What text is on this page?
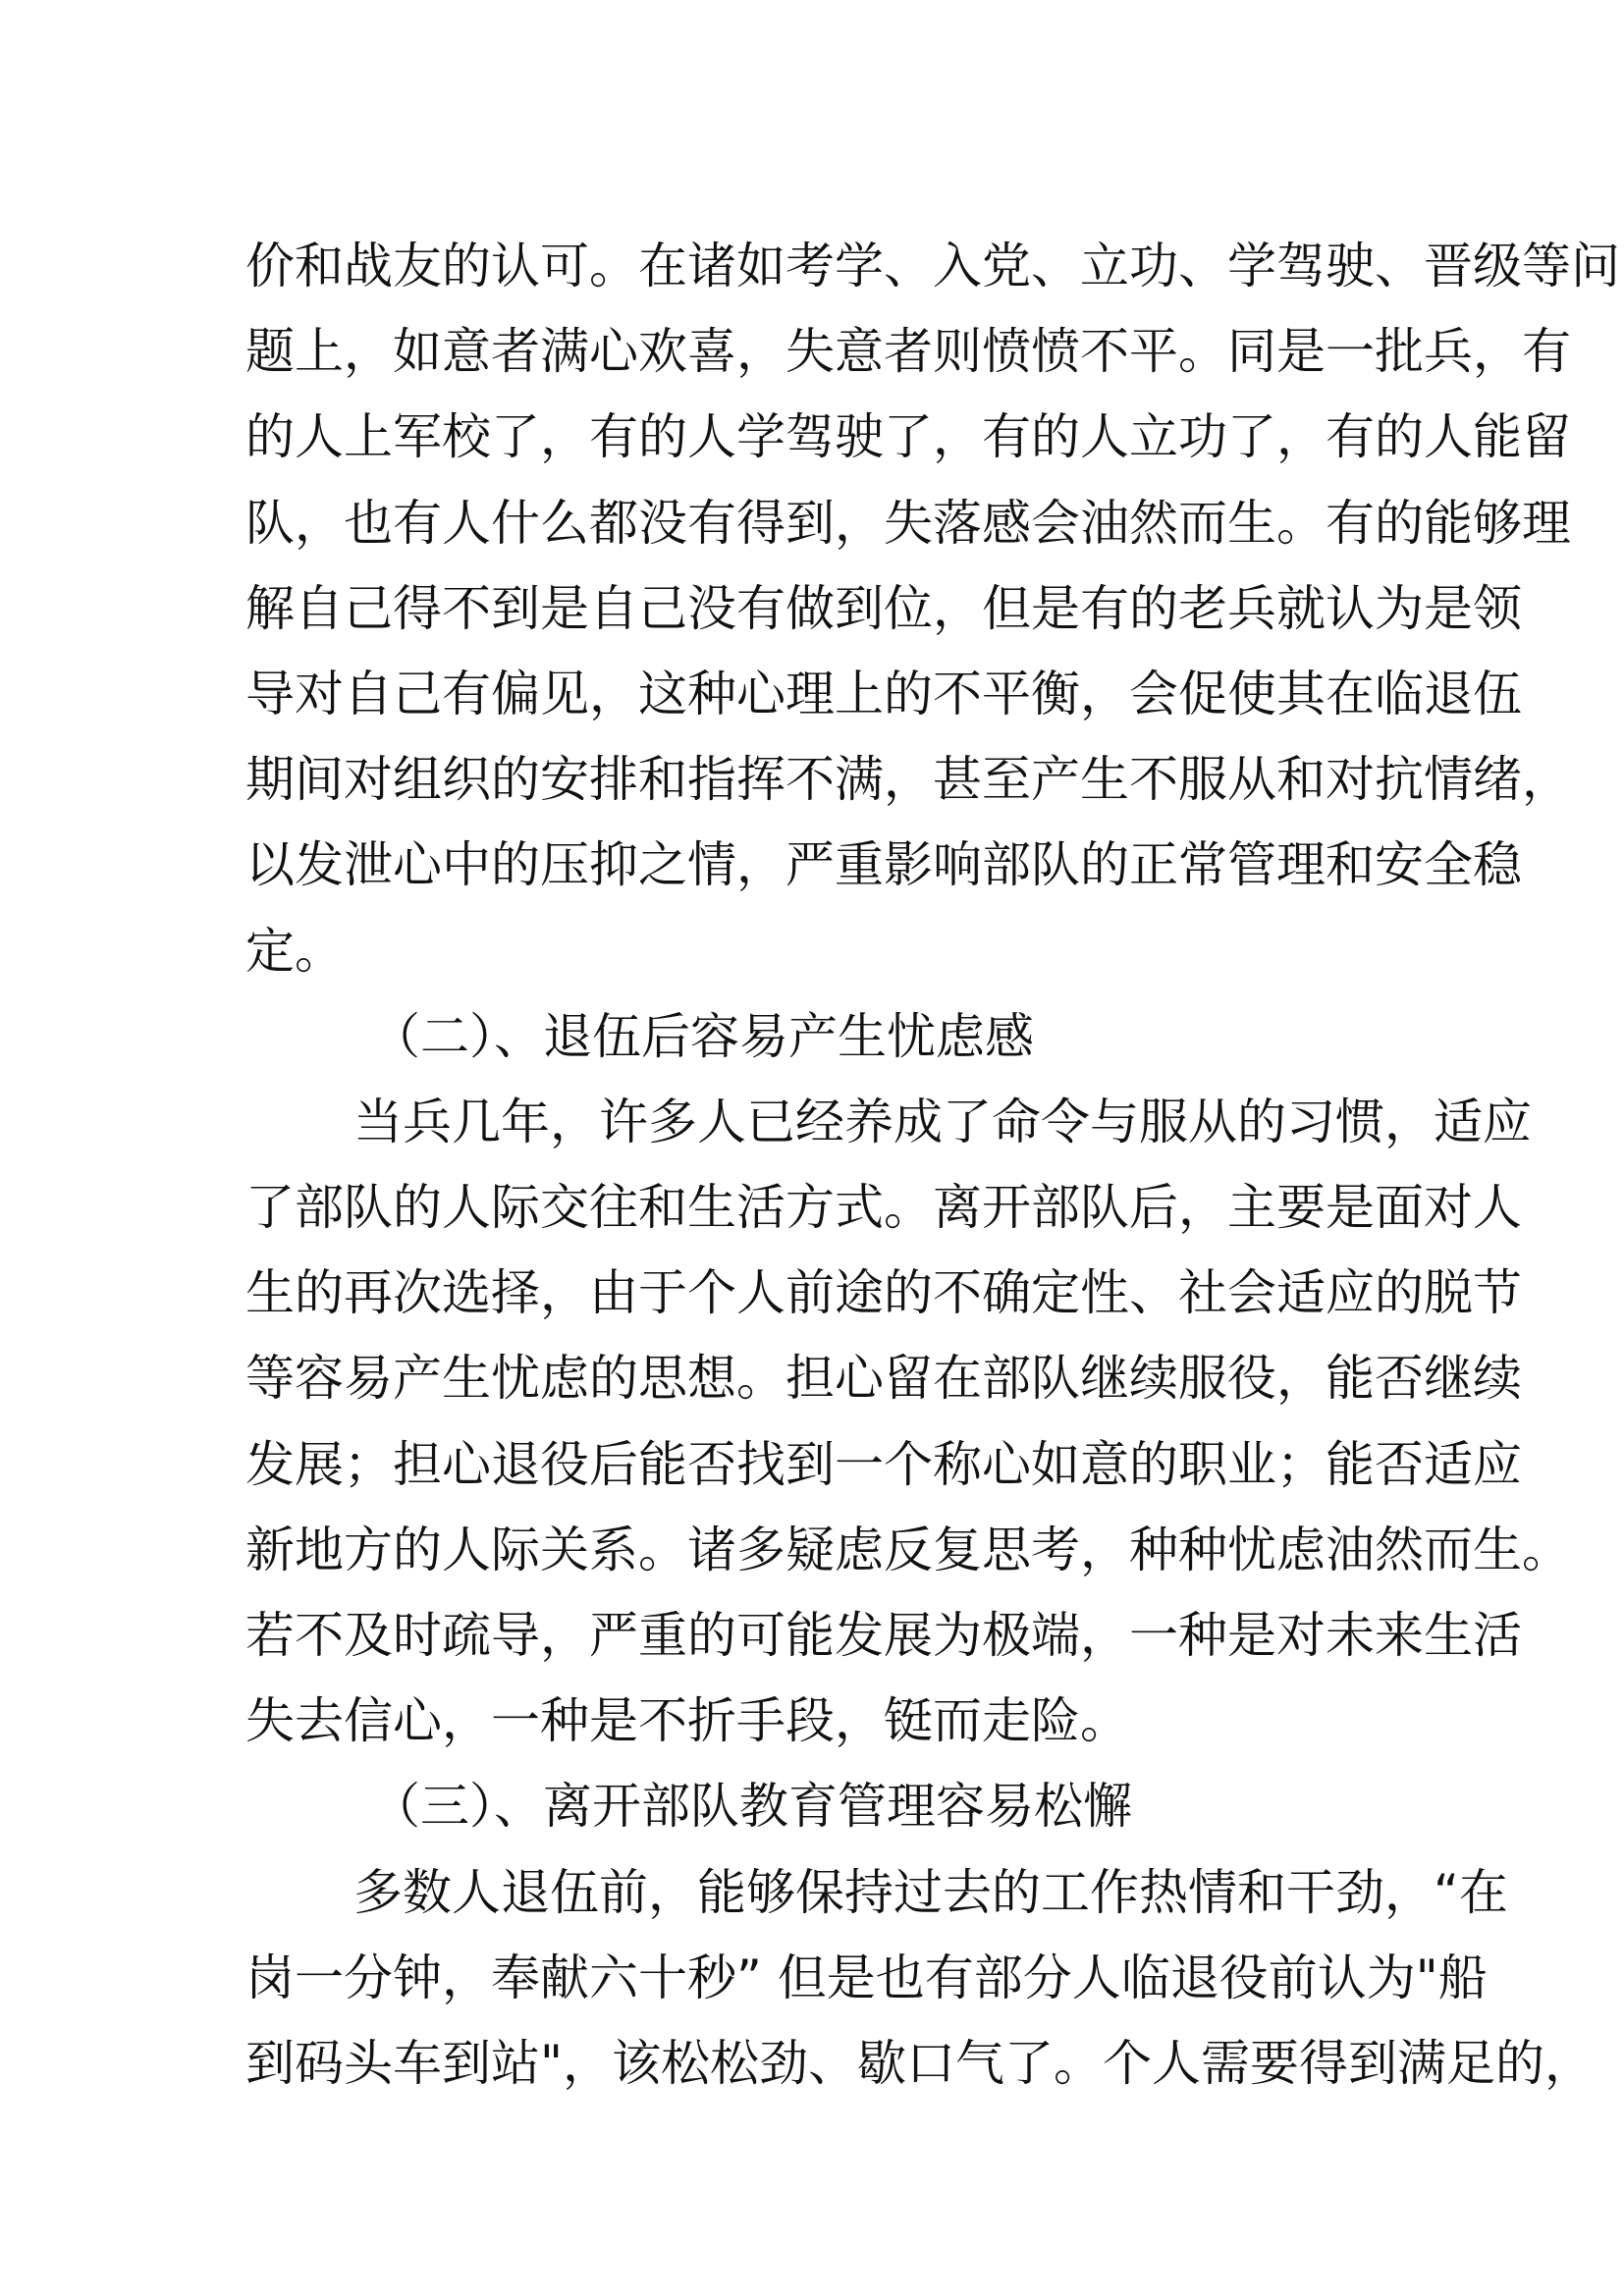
价和战友的认可。在诸如考学、入党、立功、学驾驶、晋级等问
题上，如意者满心欢喜，失意者则愤愤不平。同是一批兵，有
的人上军校了，有的人学驾驶了，有的人立功了，有的人能留
队，也有人什么都没有得到，失落感会油然而生。有的能够理
解自己得不到是自己没有做到位，但是有的老兵就认为是领
导对自己有偏见，这种心理上的不平衡，会促使其在临退伍
期间对组织的安排和指挥不满，甚至产生不服从和对抗情绪，
以发泄心中的压抑之情，严重影响部队的正常管理和安全稳
定。
（二）、退伍后容易产生忧虑感
当兵几年，许多人已经养成了命令与服从的习惯，适应
了部队的人际交往和生活方式。离开部队后，主要是面对人
生的再次选择，由于个人前途的不确定性、社会适应的脱节
等容易产生忧虑的思想。担心留在部队继续服役，能否继续
发展；担心退役后能否找到一个称心如意的职业；能否适应
新地方的人际关系。诸多疑虑反复思考，种种忧虑油然而生。
若不及时疏导，严重的可能发展为极端，一种是对未来生活
失去信心，一种是不折手段，铤而走险。
（三）、离开部队教育管理容易松懈
多数人退伍前，能够保持过去的工作热情和干劲，“在
岗一分钟，奉献六十秒” 但是也有部分人临退役前认为"船
到码头车到站"，该松松劲、歇口气了。个人需要得到满足的，
